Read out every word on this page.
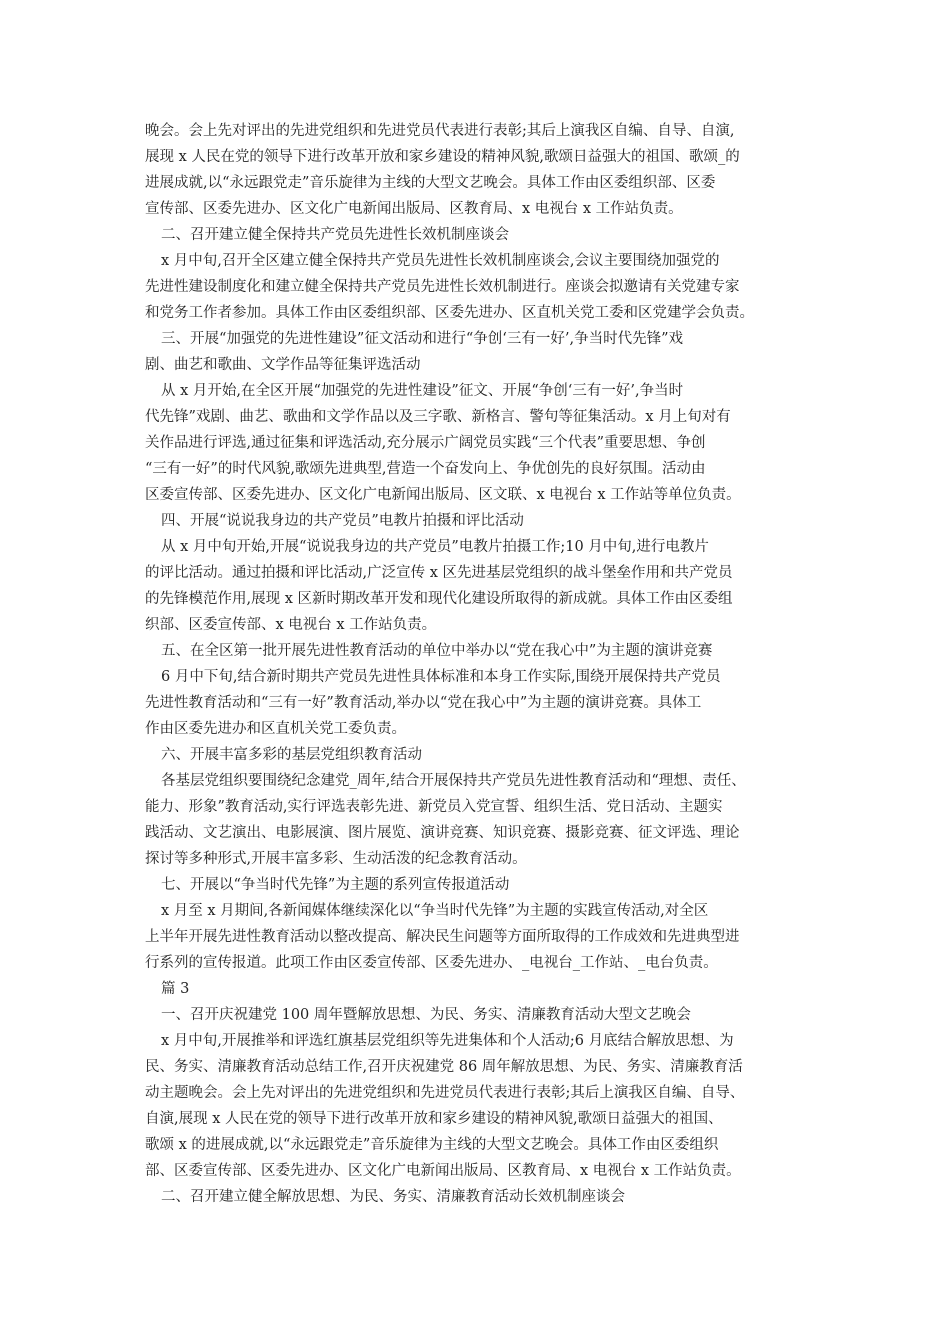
晚会。会上先对评出的先进党组织和先进党员代表进行表彰;其后上演我区自编、自导、自演,
展现 x 人民在党的领导下进行改革开放和家乡建设的精神风貌,歌颂日益强大的祖国、歌颂_的
进展成就,以“永远跟党走”音乐旋律为主线的大型文艺晚会。具体工作由区委组织部、区委
宣传部、区委先进办、区文化广电新闻出版局、区教育局、x 电视台 x 工作站负责。
二、召开建立健全保持共产党员先进性长效机制座谈会
x 月中旬,召开全区建立健全保持共产党员先进性长效机制座谈会,会议主要围绕加强党的
先进性建设制度化和建立健全保持共产党员先进性长效机制进行。座谈会拟邀请有关党建专家
和党务工作者参加。具体工作由区委组织部、区委先进办、区直机关党工委和区党建学会负责。
三、开展“加强党的先进性建设”征文活动和进行“争创‘三有一好’,争当时代先锋”戏
剧、曲艺和歌曲、文学作品等征集评选活动
从 x 月开始,在全区开展“加强党的先进性建设”征文、开展“争创‘三有一好’,争当时
代先锋”戏剧、曲艺、歌曲和文学作品以及三字歌、新格言、警句等征集活动。x 月上旬对有
关作品进行评选,通过征集和评选活动,充分展示广阔党员实践“三个代表”重要思想、争创
“三有一好”的时代风貌,歌颂先进典型,营造一个奋发向上、争优创先的良好氛围。活动由
区委宣传部、区委先进办、区文化广电新闻出版局、区文联、x 电视台 x 工作站等单位负责。
四、开展“说说我身边的共产党员”电教片拍摄和评比活动
从 x 月中旬开始,开展“说说我身边的共产党员”电教片拍摄工作;10 月中旬,进行电教片
的评比活动。通过拍摄和评比活动,广泛宣传 x 区先进基层党组织的战斗堡垒作用和共产党员
的先锋模范作用,展现 x 区新时期改革开发和现代化建设所取得的新成就。具体工作由区委组
织部、区委宣传部、x 电视台 x 工作站负责。
五、在全区第一批开展先进性教育活动的单位中举办以“党在我心中”为主题的演讲竞赛
6 月中下旬,结合新时期共产党员先进性具体标准和本身工作实际,围绕开展保持共产党员
先进性教育活动和“三有一好”教育活动,举办以“党在我心中”为主题的演讲竞赛。具体工
作由区委先进办和区直机关党工委负责。
六、开展丰富多彩的基层党组织教育活动
各基层党组织要围绕纪念建党_周年,结合开展保持共产党员先进性教育活动和“理想、责任、
能力、形象”教育活动,实行评选表彰先进、新党员入党宣誓、组织生活、党日活动、主题实
践活动、文艺演出、电影展演、图片展览、演讲竞赛、知识竞赛、摄影竞赛、征文评选、理论
探讨等多种形式,开展丰富多彩、生动活泼的纪念教育活动。
七、开展以“争当时代先锋”为主题的系列宣传报道活动
x 月至 x 月期间,各新闻媒体继续深化以“争当时代先锋”为主题的实践宣传活动,对全区
上半年开展先进性教育活动以整改提高、解决民生问题等方面所取得的工作成效和先进典型进
行系列的宣传报道。此项工作由区委宣传部、区委先进办、_电视台_工作站、_电台负责。
篇 3
一、召开庆祝建党 100 周年暨解放思想、为民、务实、清廉教育活动大型文艺晚会
x 月中旬,开展推举和评选红旗基层党组织等先进集体和个人活动;6 月底结合解放思想、为
民、务实、清廉教育活动总结工作,召开庆祝建党 86 周年解放思想、为民、务实、清廉教育活
动主题晚会。会上先对评出的先进党组织和先进党员代表进行表彰;其后上演我区自编、自导、
自演,展现 x 人民在党的领导下进行改革开放和家乡建设的精神风貌,歌颂日益强大的祖国、
歌颂 x 的进展成就,以“永远跟党走”音乐旋律为主线的大型文艺晚会。具体工作由区委组织
部、区委宣传部、区委先进办、区文化广电新闻出版局、区教育局、x 电视台 x 工作站负责。
二、召开建立健全解放思想、为民、务实、清廉教育活动长效机制座谈会
